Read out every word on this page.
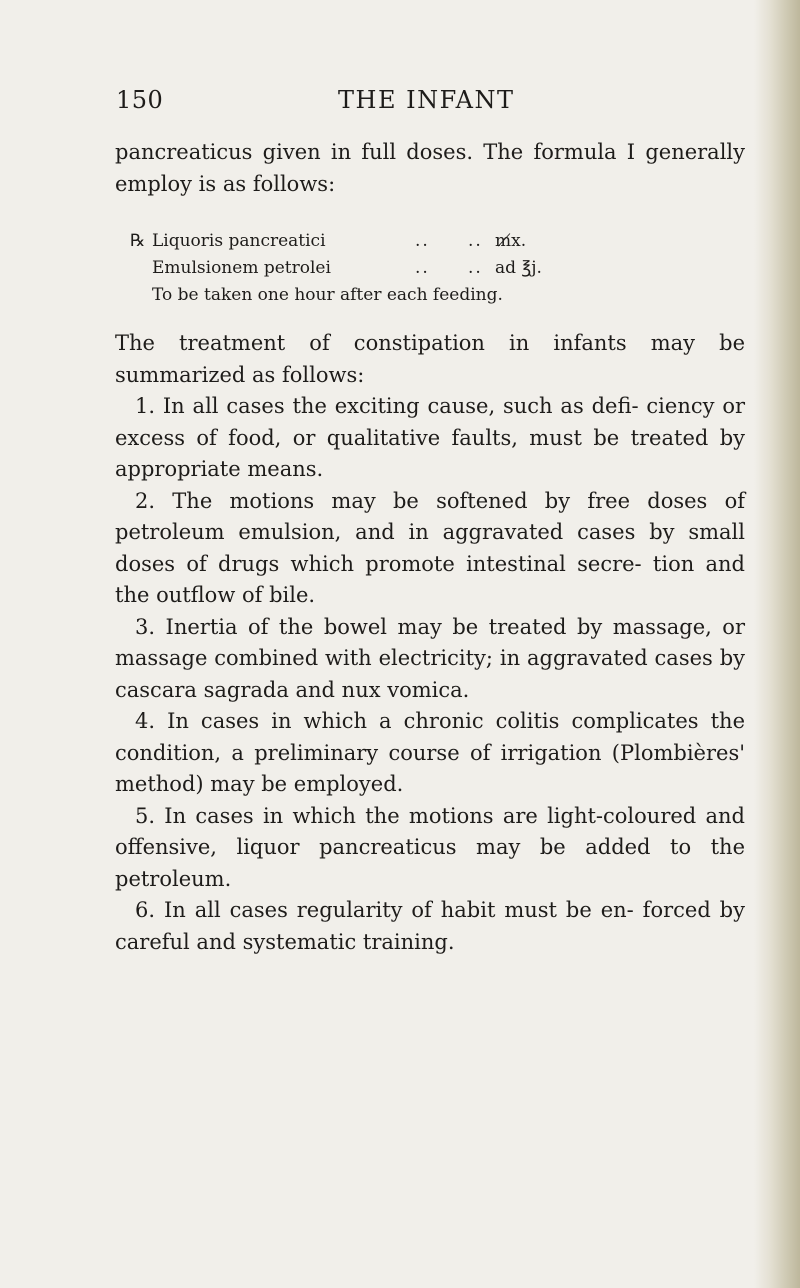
150	THE INFANT

pancreaticus given in full doses. The formula I generally employ is as follows:

℞ Liquoris pancreatici	.. .. m̸x.
Emulsionem petrolei	.. .. ad ℥j.
To be taken one hour after each feeding.

The treatment of constipation in infants may be summarized as follows:

1. In all cases the exciting cause, such as defi- ciency or excess of food, or qualitative faults, must be treated by appropriate means.

2. The motions may be softened by free doses of petroleum emulsion, and in aggravated cases by small doses of drugs which promote intestinal secre- tion and the outflow of bile.

3. Inertia of the bowel may be treated by massage, or massage combined with electricity; in aggravated cases by cascara sagrada and nux vomica.

4. In cases in which a chronic colitis complicates the condition, a preliminary course of irrigation (Plombières' method) may be employed.

5. In cases in which the motions are light-coloured and offensive, liquor pancreaticus may be added to the petroleum.

6. In all cases regularity of habit must be en- forced by careful and systematic training.
